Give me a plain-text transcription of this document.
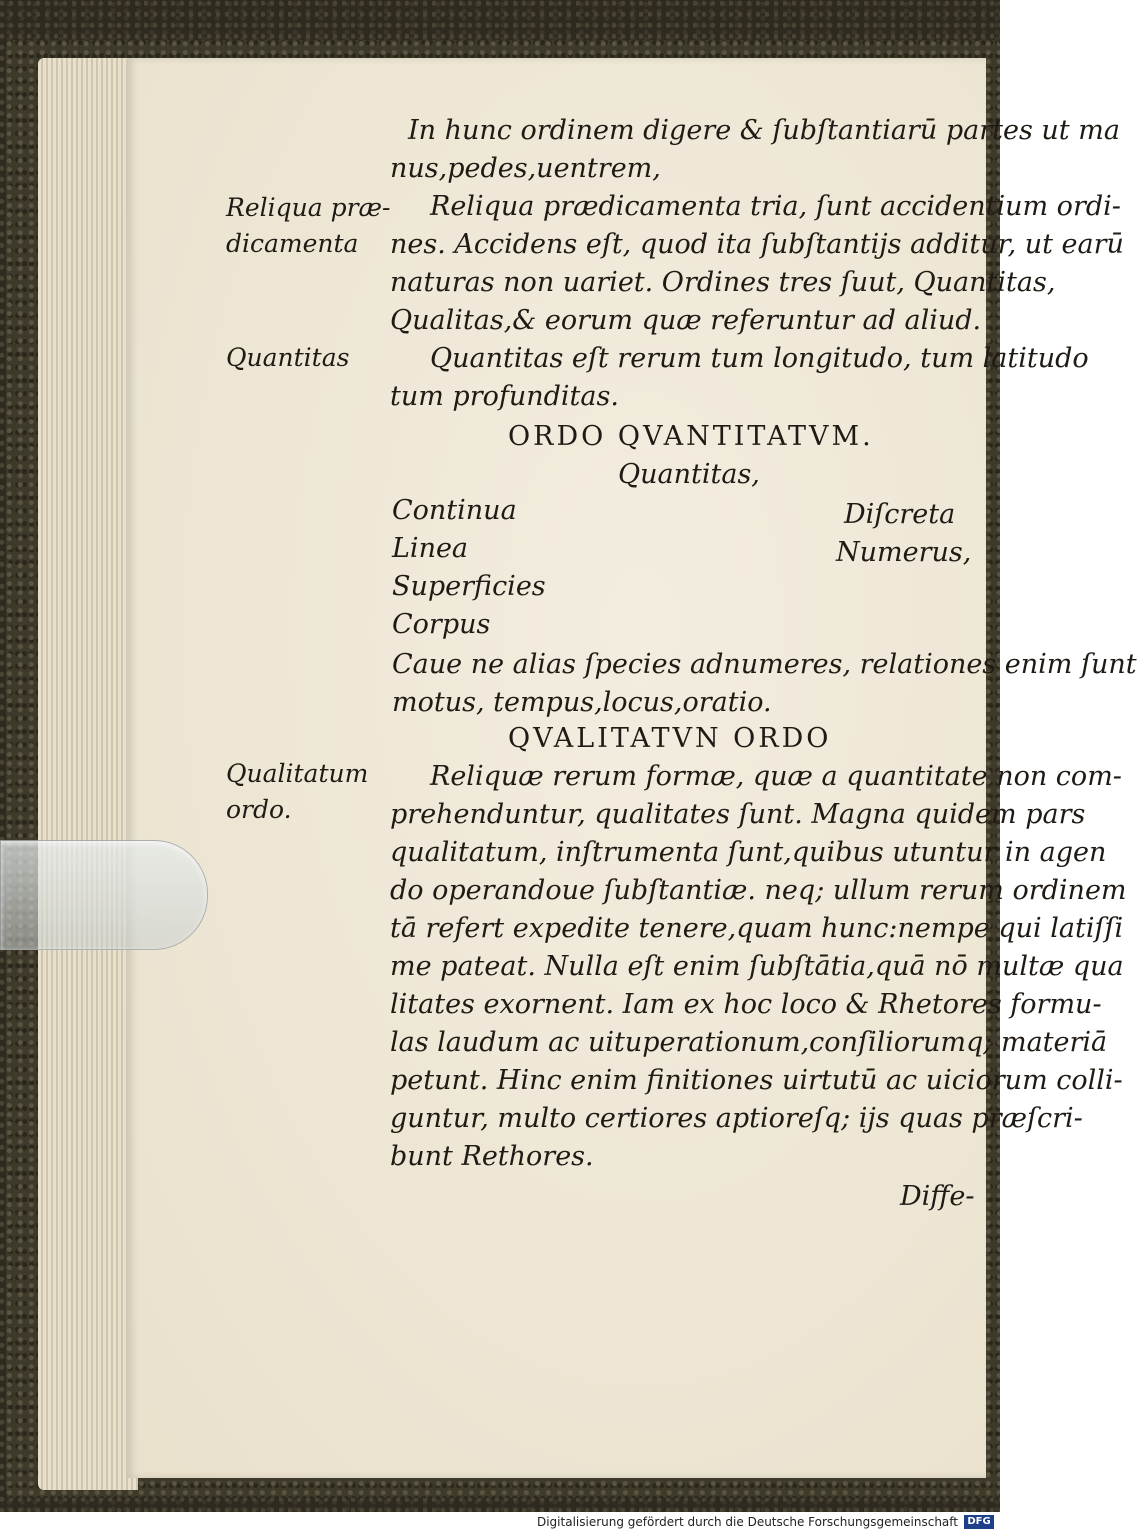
In hunc ordinem digere & ſubſtantiarū partes ut ma
nus,pedes,uentrem,
Reliqua prædicamenta tria, ſunt accidentium ordi-
nes. Accidens eſt, quod ita ſubſtantijs additur, ut earū
naturas non uariet. Ordines tres ſuut, Quantitas,
Qualitas,& eorum quæ referuntur ad aliud.
Quantitas eſt rerum tum longitudo, tum latitudo
tum profunditas.
ORDO QVANTITATVM.
Quantitas,
Continua
Linea
Superficies
Corpus
Diſcreta
Numerus,
Caue ne alias ſpecies adnumeres, relationes enim ſunt
motus, tempus,locus,oratio.
QVALITATVN ORDO
Reliquæ rerum formæ, quæ a quantitate non com-
prehenduntur, qualitates ſunt. Magna quidem pars
qualitatum, inſtrumenta ſunt,quibus utuntur in agen
do operandoue ſubſtantiæ. neq; ullum rerum ordinem
tā refert expedite tenere,quam hunc:nempe qui latiſſi
me pateat. Nulla eſt enim ſubſtātia,quā nō multæ qua
litates exornent. Iam ex hoc loco & Rhetores formu-
las laudum ac uituperationum,conſiliorumq; materiā
petunt. Hinc enim finitiones uirtutū ac uiciorum colli-
guntur, multo certiores aptioreſq; ijs quas præſcri-
bunt Rethores.
Diffe-
Reliqua præ-
dicamenta
Quantitas
Qualitatum
ordo.
Digitalisierung gefördert durch die Deutsche Forschungsgemeinschaft DFG
